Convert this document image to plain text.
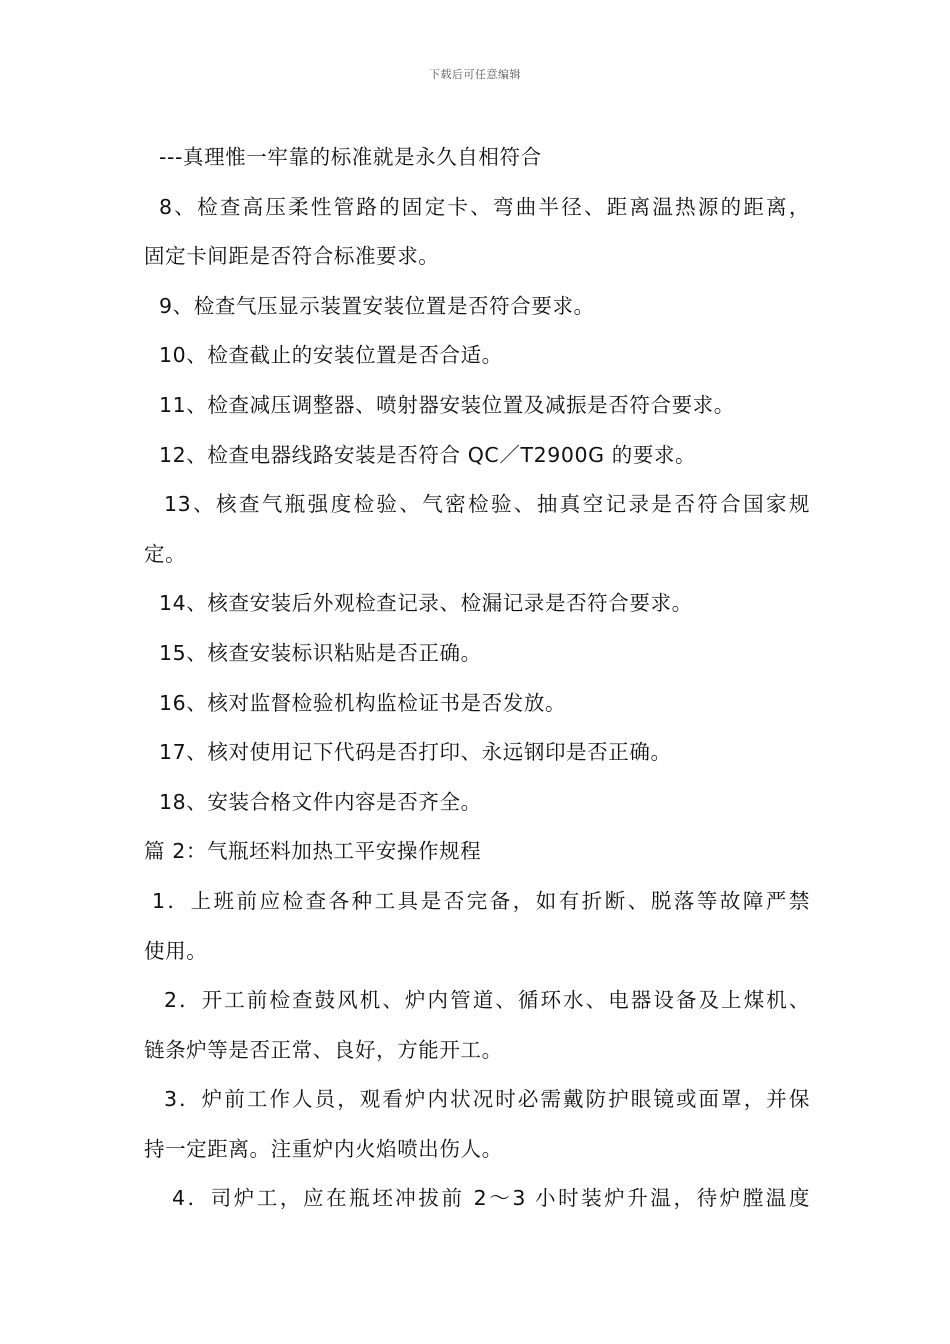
下载后可任意编辑
---真理惟一牢靠的标准就是永久自相符合
8、检查高压柔性管路的固定卡、弯曲半径、距离温热源的距离，
固定卡间距是否符合标准要求。
9、检查气压显示装置安装位置是否符合要求。
10、检查截止的安装位置是否合适。
11、检查减压调整器、喷射器安装位置及减振是否符合要求。
12、检查电器线路安装是否符合 QC／T2900G 的要求。
13、核查气瓶强度检验、气密检验、抽真空记录是否符合国家规
定。
14、核查安装后外观检查记录、检漏记录是否符合要求。
15、核查安装标识粘贴是否正确。
16、核对监督检验机构监检证书是否发放。
17、核对使用记下代码是否打印、永远钢印是否正确。
18、安装合格文件内容是否齐全。
篇 2：气瓶坯料加热工平安操作规程
1．上班前应检查各种工具是否完备，如有折断、脱落等故障严禁
使用。
2．开工前检查鼓风机、炉内管道、循环水、电器设备及上煤机、
链条炉等是否正常、良好，方能开工。
3．炉前工作人员，观看炉内状况时必需戴防护眼镜或面罩，并保
持一定距离。注重炉内火焰喷出伤人。
4．司炉工，应在瓶坯冲拔前 2～3 小时装炉升温，待炉膛温度
